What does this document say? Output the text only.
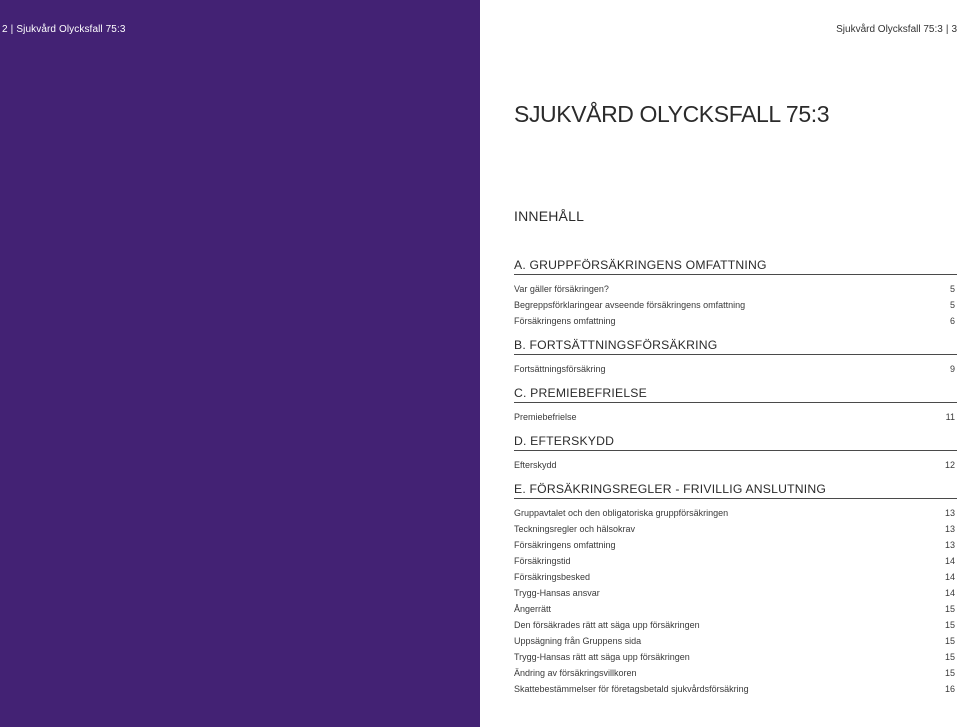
2 | Sjukvård Olycksfall 75:3	Sjukvård Olycksfall 75:3 | 3
SJUKVÅRD OLYCKSFALL 75:3
INNEHÅLL
A. GRUPPFÖRSÄKRINGENS OMFATTNING
Var gäller försäkringen?	5
Begreppsförklaringear avseende försäkringens omfattning	5
Försäkringens omfattning	6
B. FORTSÄTTNINGSFÖRSÄKRING
Fortsättningsförsäkring	9
C. PREMIEBEFRIELSE
Premiebefrielse	11
D. EFTERSKYDD
Efterskydd	12
E. FÖRSÄKRINGSREGLER - FRIVILLIG ANSLUTNING
Gruppavtalet och den obligatoriska gruppförsäkringen	13
Teckningsregler och hälsokrav	13
Försäkringens omfattning	13
Försäkringstid	14
Försäkringsbesked	14
Trygg-Hansas ansvar	14
Ångerrätt	15
Den försäkrades rätt att säga upp försäkringen	15
Uppsägning från Gruppens sida	15
Trygg-Hansas rätt att säga upp försäkringen	15
Ändring av försäkringsvillkoren	15
Skattebestämmelser för företagsbetald sjukvårdsförsäkring	16
